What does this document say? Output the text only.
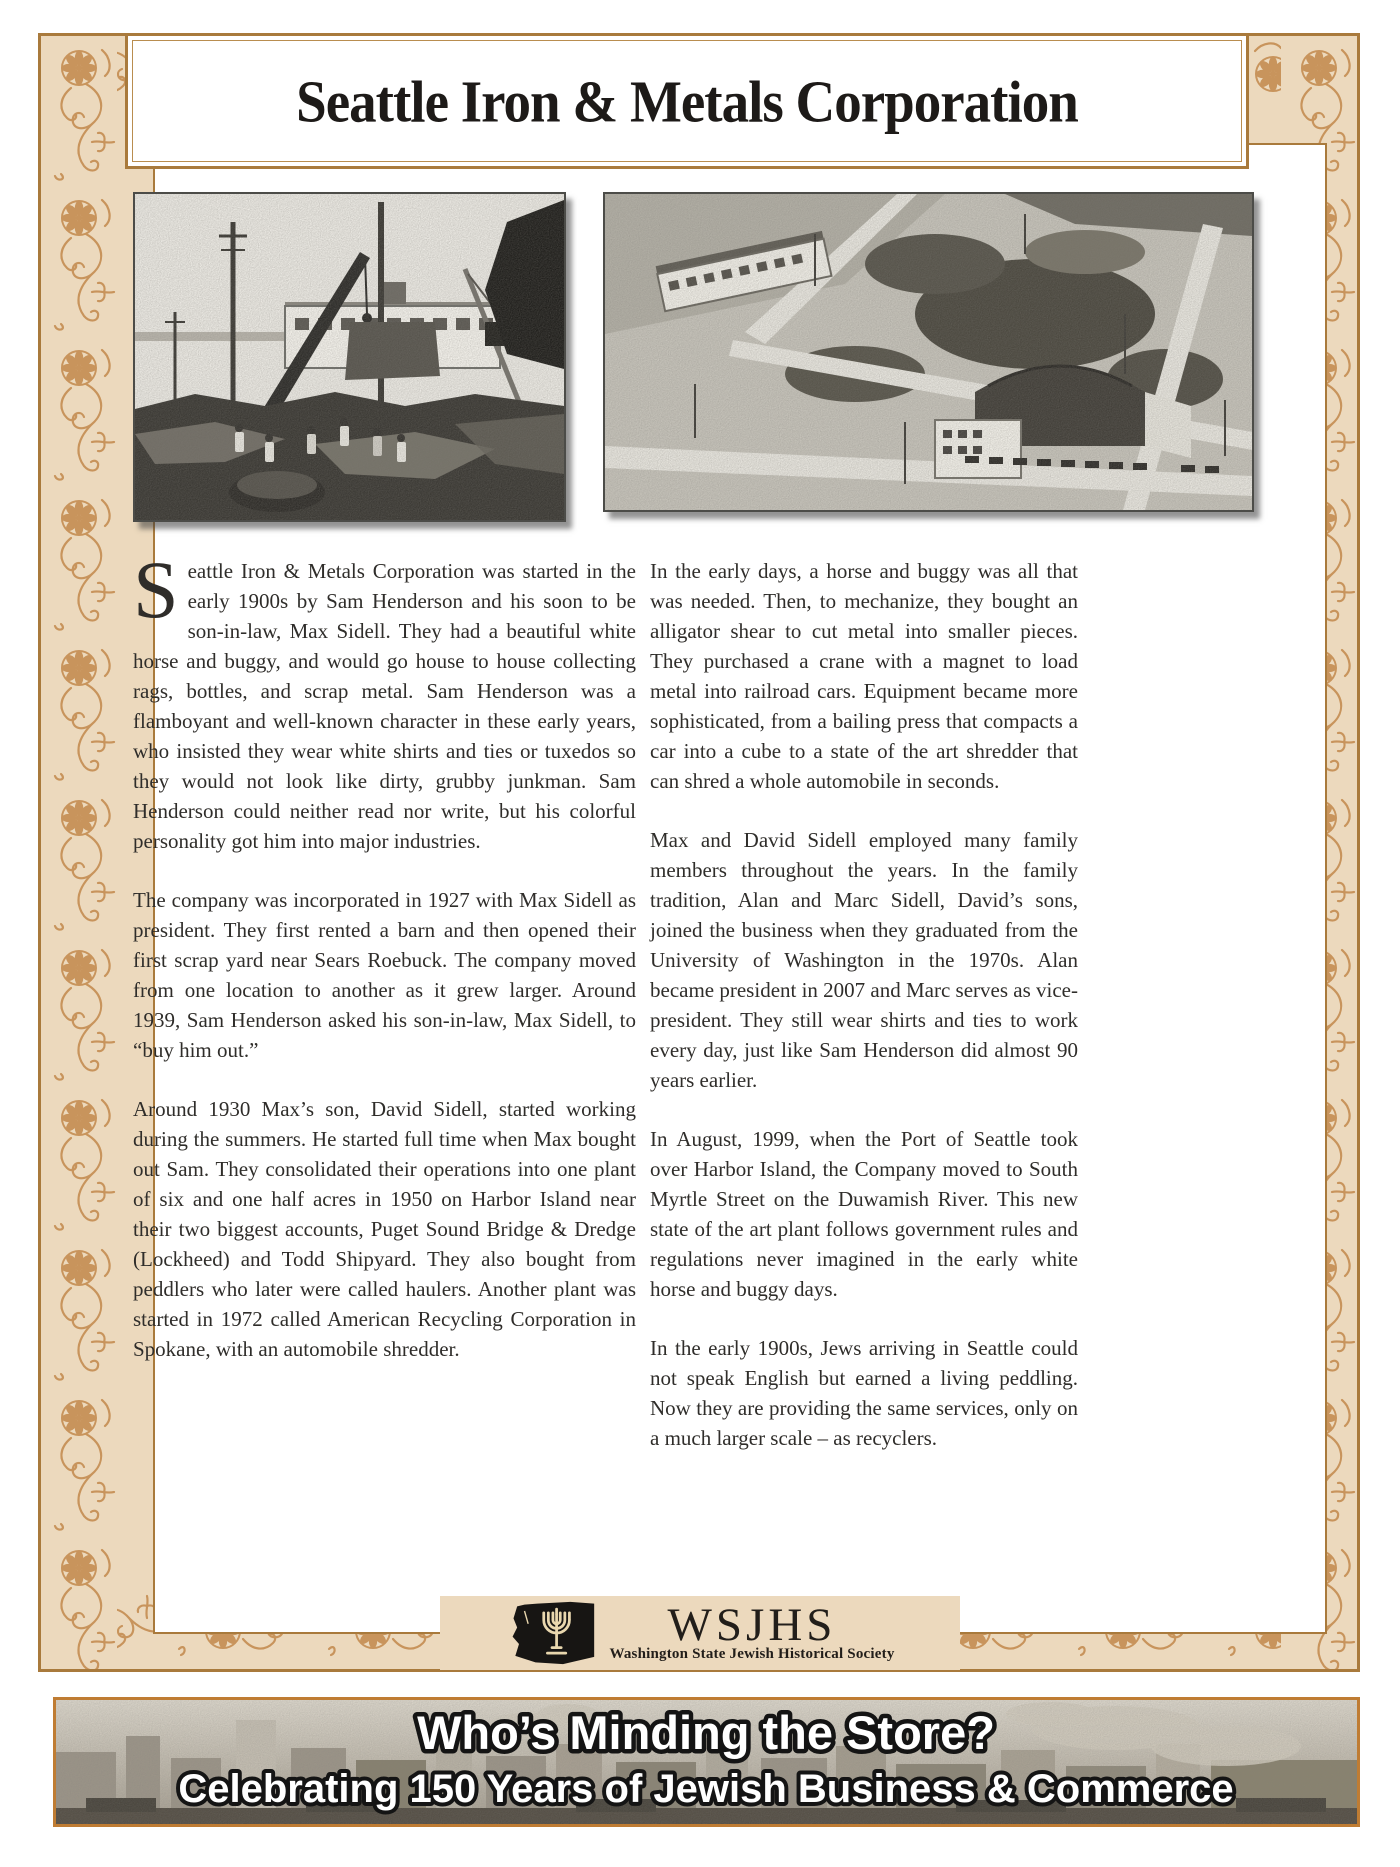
Seattle Iron & Metals Corporation

Seattle Iron & Metals Corporation was started in the early 1900s by Sam Henderson and his soon to be son-in-law, Max Sidell. They had a beautiful white horse and buggy, and would go house to house collecting rags, bottles, and scrap metal. Sam Henderson was a flamboyant and well-known character in these early years, who insisted they wear white shirts and ties or tuxedos so they would not look like dirty, grubby junkman. Sam Henderson could neither read nor write, but his colorful personality got him into major industries.

The company was incorporated in 1927 with Max Sidell as president. They first rented a barn and then opened their first scrap yard near Sears Roebuck. The company moved from one location to another as it grew larger. Around 1939, Sam Henderson asked his son-in-law, Max Sidell, to “buy him out.”

Around 1930 Max’s son, David Sidell, started working during the summers. He started full time when Max bought out Sam. They consolidated their operations into one plant of six and one half acres in 1950 on Harbor Island near their two biggest accounts, Puget Sound Bridge & Dredge (Lockheed) and Todd Shipyard. They also bought from peddlers who later were called haulers. Another plant was started in 1972 called American Recycling Corporation in Spokane, with an automobile shredder.

In the early days, a horse and buggy was all that was needed. Then, to mechanize, they bought an alligator shear to cut metal into smaller pieces. They purchased a crane with a magnet to load metal into railroad cars. Equipment became more sophisticated, from a bailing press that compacts a car into a cube to a state of the art shredder that can shred a whole automobile in seconds.

Max and David Sidell employed many family members throughout the years. In the family tradition, Alan and Marc Sidell, David’s sons, joined the business when they graduated from the University of Washington in the 1970s. Alan became president in 2007 and Marc serves as vice-president. They still wear shirts and ties to work every day, just like Sam Henderson did almost 90 years earlier.

In August, 1999, when the Port of Seattle took over Harbor Island, the Company moved to South Myrtle Street on the Duwamish River. This new state of the art plant follows government rules and regulations never imagined in the early white horse and buggy days.

In the early 1900s, Jews arriving in Seattle could not speak English but earned a living peddling. Now they are providing the same services, only on a much larger scale – as recyclers.

WSJHS
Washington State Jewish Historical Society
Who’s Minding the Store?
Celebrating 150 Years of Jewish Business & Commerce
